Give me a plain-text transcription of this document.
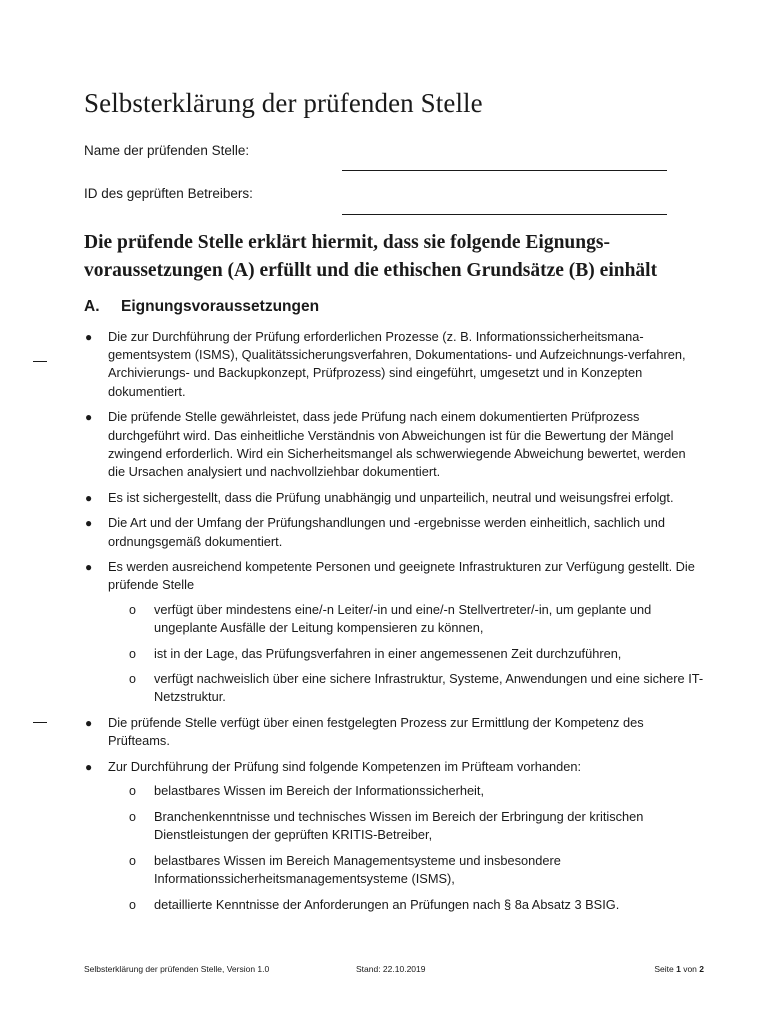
Selbsterklärung der prüfenden Stelle
Name der prüfenden Stelle:
ID des geprüften Betreibers:
Die prüfende Stelle erklärt hiermit, dass sie folgende Eignungs-voraussetzungen (A) erfüllt und die ethischen Grundsätze (B) einhält
A. Eignungsvoraussetzungen
● Die zur Durchführung der Prüfung erforderlichen Prozesse (z. B. Informationssicherheitsmana-gementsystem (ISMS), Qualitätssicherungsverfahren, Dokumentations- und Aufzeichnungs-verfahren, Archivierungs- und Backupkonzept, Prüfprozess) sind eingeführt, umgesetzt und in Konzepten dokumentiert.
● Die prüfende Stelle gewährleistet, dass jede Prüfung nach einem dokumentierten Prüfprozess durchgeführt wird. Das einheitliche Verständnis von Abweichungen ist für die Bewertung der Mängel zwingend erforderlich. Wird ein Sicherheitsmangel als schwerwiegende Abweichung bewertet, werden die Ursachen analysiert und nachvollziehbar dokumentiert.
● Es ist sichergestellt, dass die Prüfung unabhängig und unparteilich, neutral und weisungsfrei erfolgt.
● Die Art und der Umfang der Prüfungshandlungen und -ergebnisse werden einheitlich, sachlich und ordnungsgemäß dokumentiert.
● Es werden ausreichend kompetente Personen und geeignete Infrastrukturen zur Verfügung gestellt. Die prüfende Stelle
o verfügt über mindestens eine/-n Leiter/-in und eine/-n Stellvertreter/-in, um geplante und ungeplante Ausfälle der Leitung kompensieren zu können,
o ist in der Lage, das Prüfungsverfahren in einer angemessenen Zeit durchzuführen,
o verfügt nachweislich über eine sichere Infrastruktur, Systeme, Anwendungen und eine sichere IT-Netzstruktur.
● Die prüfende Stelle verfügt über einen festgelegten Prozess zur Ermittlung der Kompetenz des Prüfteams.
● Zur Durchführung der Prüfung sind folgende Kompetenzen im Prüfteam vorhanden:
o belastbares Wissen im Bereich der Informationssicherheit,
o Branchenkenntnisse und technisches Wissen im Bereich der Erbringung der kritischen Dienstleistungen der geprüften KRITIS-Betreiber,
o belastbares Wissen im Bereich Managementsysteme und insbesondere Informationssicherheitsmanagementsysteme (ISMS),
o detaillierte Kenntnisse der Anforderungen an Prüfungen nach § 8a Absatz 3 BSIG.
Selbsterklärung der prüfenden Stelle, Version 1.0	Stand: 22.10.2019	Seite 1 von 2
